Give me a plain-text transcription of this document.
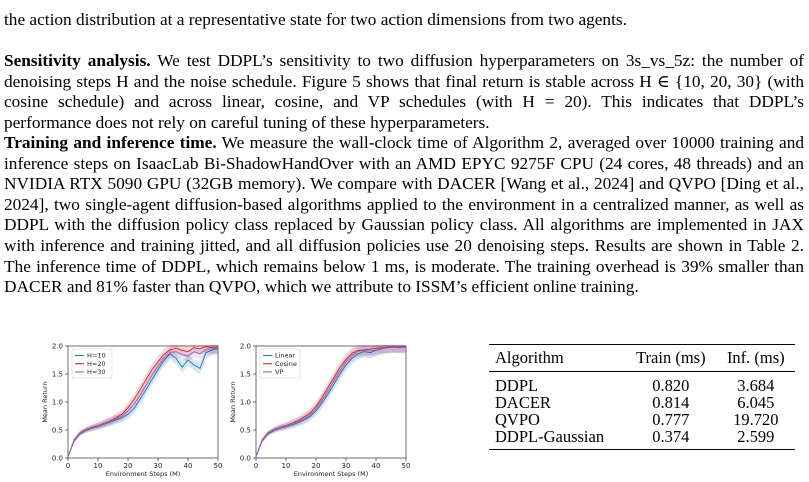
the action distribution at a representative state for two action dimensions from two agents.

Sensitivity analysis. We test DDPL’s sensitivity to two diffusion hyperparameters on 3s_vs_5z: the number of denoising steps H and the noise schedule. Figure 5 shows that final return is stable across H ∈ {10, 20, 30} (with cosine schedule) and across linear, cosine, and VP schedules (with H = 20). This indicates that DDPL’s performance does not rely on careful tuning of these hyperparameters.

Training and inference time. We measure the wall-clock time of Algorithm 2, averaged over 10000 training and inference steps on IsaacLab Bi-ShadowHandOver with an AMD EPYC 9275F CPU (24 cores, 48 threads) and an NVIDIA RTX 5090 GPU (32GB memory). We compare with DACER [Wang et al., 2024] and QVPO [Ding et al., 2024], two single-agent diffusion-based algorithms applied to the environment in a centralized manner, as well as DDPL with the diffusion policy class replaced by Gaussian policy class. All algorithms are implemented in JAX with inference and training jitted, and all diffusion policies use 20 denoising steps. Results are shown in Table 2. The inference time of DDPL, which remains below 1 ms, is moderate. The training overhead is 39% smaller than DACER and 81% faster than QVPO, which we attribute to ISSM’s efficient online training.

0	10	20	30	40	50
0.0
0.5
1.0
1.5
2.0
Environment Steps (M)
Mean Return
H=10
H=20
H=30
0	10	20	30	40	50
0.0
0.5
1.0
1.5
2.0
Environment Steps (M)
Mean Return
Linear
Cosine
VP
Algorithm	Train (ms)	Inf. (ms)
DDPL	0.820	3.684
DACER	0.814	6.045
QVPO	0.777	19.720
DDPL-Gaussian	0.374	2.599
